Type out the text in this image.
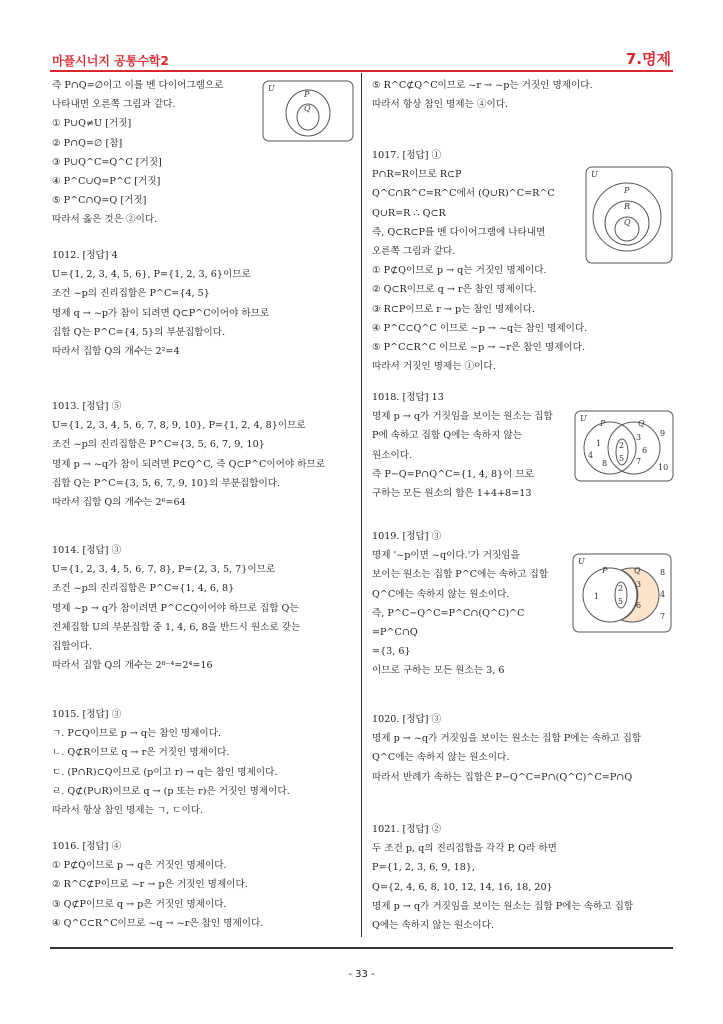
마플시너지 공통수학2	7.명제
- 33 -
즉 P∩Q=∅이고 이를 벤 다이어그램으로
나타내면 오른쪽 그림과 같다.
① P∪Q≠U [거짓]
② P∩Q=∅ [참]
③ P∪Q^C=Q^C [거짓]
④ P^C∪Q=P^C [거짓]
⑤ P^C∩Q=Q [거짓]
따라서 옳은 것은 ②이다.
1012. [정답] 4
U={1, 2, 3, 4, 5, 6}, P={1, 2, 3, 6}이므로
조건 ~p의 진리집합은 P^C={4, 5}
명제 q → ~p가 참이 되려면 Q⊂P^C이어야 하므로
집합 Q는 P^C={4, 5}의 부분집합이다.
따라서 집합 Q의 개수는 2²=4
1013. [정답] ⑤
U={1, 2, 3, 4, 5, 6, 7, 8, 9, 10}, P={1, 2, 4, 8}이므로
조건 ~p의 진리집합은 P^C={3, 5, 6, 7, 9, 10}
명제 p → ~q가 참이 되려면 P⊂Q^C, 즉 Q⊂P^C이어야 하므로
집합 Q는 P^C={3, 5, 6, 7, 9, 10}의 부분집합이다.
따라서 집합 Q의 개수는 2⁶=64
1014. [정답] ③
U={1, 2, 3, 4, 5, 6, 7, 8}, P={2, 3, 5, 7}이므로
조건 ~p의 진리집합은 P^C={1, 4, 6, 8}
명제 ~p → q가 참이려면 P^C⊂Q이어야 하므로 집합 Q는
전체집합 U의 부분집합 중 1, 4, 6, 8을 반드시 원소로 갖는
집합이다.
따라서 집합 Q의 개수는 2⁸⁻⁴=2⁴=16
1015. [정답] ③
ㄱ. P⊂Q이므로 p → q는 참인 명제이다.
ㄴ. Q⊄R이므로 q → r은 거짓인 명제이다.
ㄷ. (P∩R)⊂Q이므로 (p이고 r) → q는 참인 명제이다.
ㄹ. Q⊄(P∪R)이므로 q → (p 또는 r)은 거짓인 명제이다.
따라서 항상 참인 명제는 ㄱ, ㄷ이다.
1016. [정답] ④
① P⊄Q이므로 p → q은 거짓인 명제이다.
② R^C⊄P이므로 ~r → p은 거짓인 명제이다.
③ Q⊄P이므로 q → p은 거짓인 명제이다.
④ Q^C⊂R^C이므로 ~q → ~r은 참인 명제이다.
⑤ R^C⊄Q^C이므로 ~r → ~p는 거짓인 명제이다.
따라서 항상 참인 명제는 ④이다.
1017. [정답] ①
P∩R=R이므로 R⊂P
Q^C∩R^C=R^C에서 (Q∪R)^C=R^C
Q∪R=R ∴ Q⊂R
즉, Q⊂R⊂P를 벤 다이어그램에 나타내면
오른쪽 그림과 같다.
① P⊄Q이므로 p → q는 거짓인 명제이다.
② Q⊂R이므로 q → r은 참인 명제이다.
③ R⊂P이므로 r → p는 참인 명제이다.
④ P^C⊂Q^C 이므로 ~p → ~q는 참인 명제이다.
⑤ P^C⊂R^C 이므로 ~p → ~r은 참인 명제이다.
따라서 거짓인 명제는 ①이다.
1018. [정답] 13
명제 p → q가 거짓임을 보이는 원소는 집합
P에 속하고 집합 Q에는 속하지 않는
원소이다.
즉 P−Q=P∩Q^C={1, 4, 8}이 므로
구하는 모든 원소의 합은 1+4+8=13
1019. [정답] ③
명제 '~p이면 ~q이다.'가 거짓임을
보이는 원소는 집합 P^C에는 속하고 집합
Q^C에는 속하지 않는 원소이다.
즉, P^C−Q^C=P^C∩(Q^C)^C
=P^C∩Q
={3, 6}
이므로 구하는 모든 원소는 3, 6
1020. [정답] ③
명제 p → ~q가 거짓임을 보이는 원소는 집합 P에는 속하고 집합
Q^C에는 속하지 않는 원소이다.
따라서 반례가 속하는 집합은 P−Q^C=P∩(Q^C)^C=P∩Q
1021. [정답] ②
두 조건 p, q의 진리집합을 각각 P, Q라 하면
P={1, 2, 3, 6, 9, 18},
Q={2, 4, 6, 8, 10, 12, 14, 16, 18, 20}
명제 p → q가 거짓임을 보이는 원소는 집합 P에는 속하고 집합
Q에는 속하지 않는 원소이다.
U
P
Q
U
P
R
Q
U
P	Q
1
4
8
2
5
3
6
7
9
10
U
P	Q
1
2
5
3
6
8
4
7
